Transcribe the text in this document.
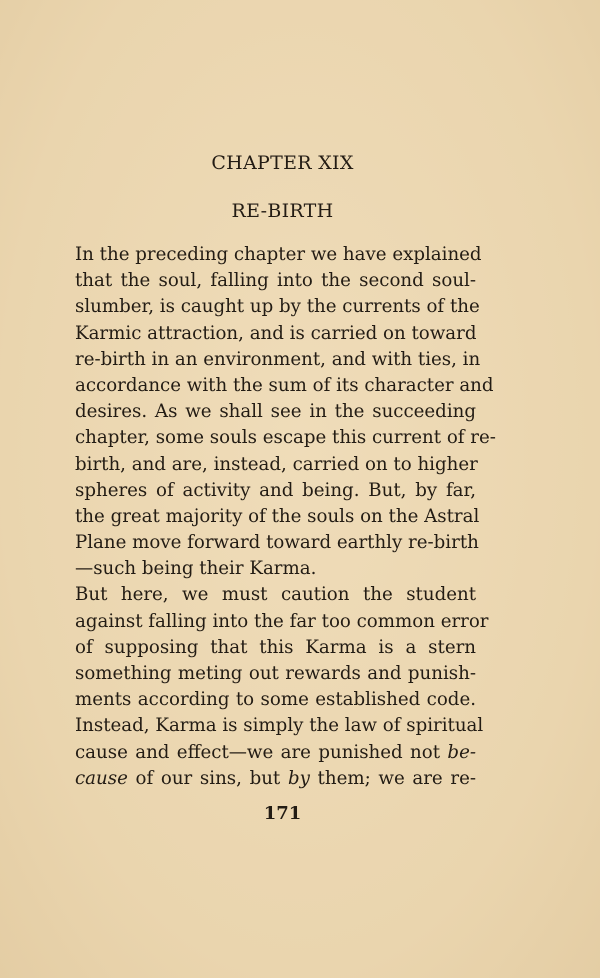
CHAPTER XIX
RE-BIRTH
In the preceding chapter we have explained
that the soul, falling into the second soul-
slumber, is caught up by the currents of the
Karmic attraction, and is carried on toward
re-birth in an environment, and with ties, in
accordance with the sum of its character and
desires. As we shall see in the succeeding
chapter, some souls escape this current of re-
birth, and are, instead, carried on to higher
spheres of activity and being. But, by far,
the great majority of the souls on the Astral
Plane move forward toward earthly re-birth
—such being their Karma.
But here, we must caution the student
against falling into the far too common error
of supposing that this Karma is a stern
something meting out rewards and punish-
ments according to some established code.
Instead, Karma is simply the law of spiritual
cause and effect—we are punished not be-
cause of our sins, but by them; we are re-
171
